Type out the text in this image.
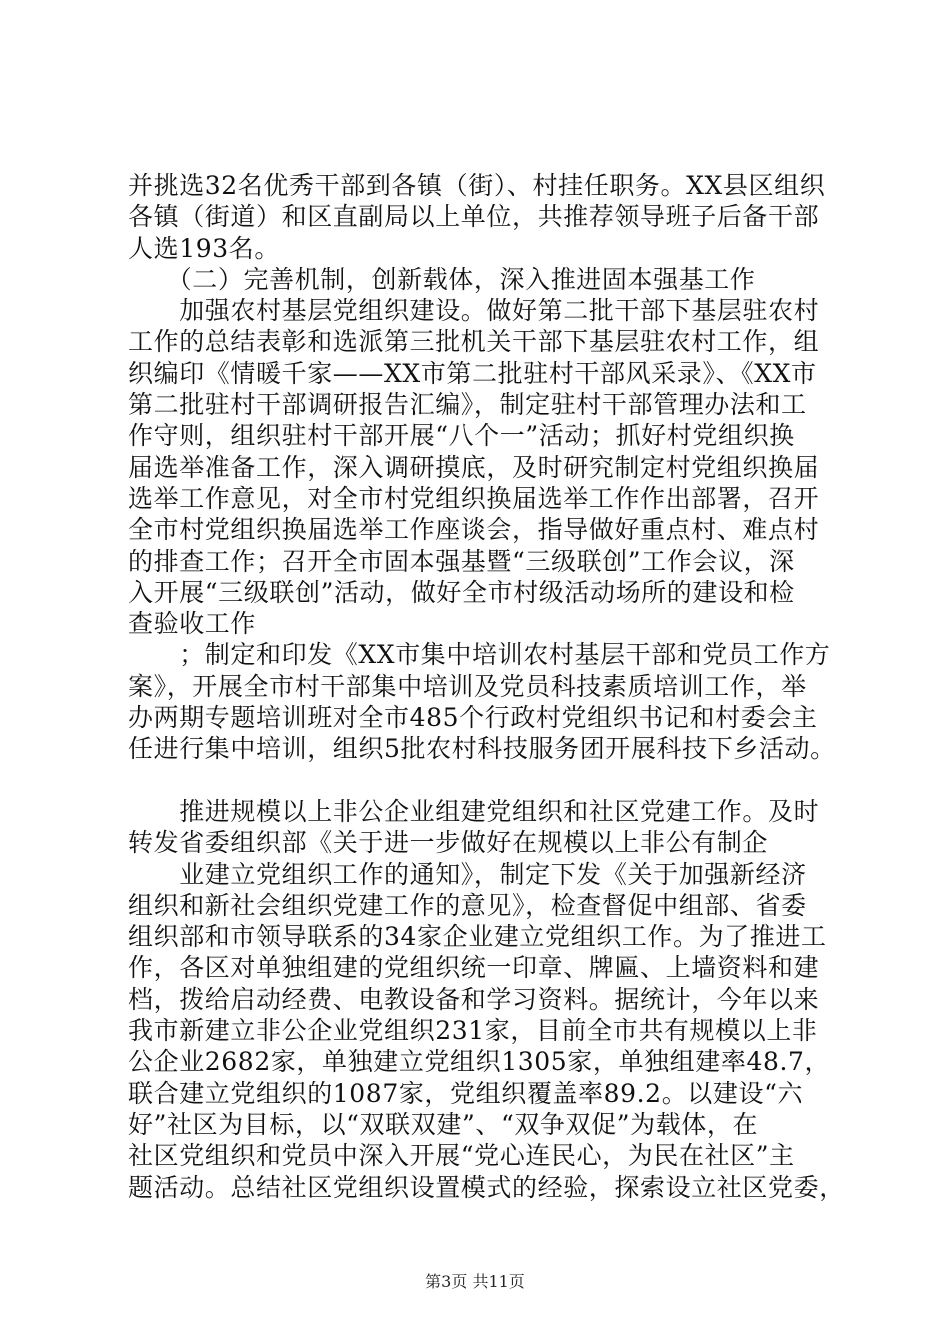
并挑选32名优秀干部到各镇（街）、村挂任职务。XX县区组织
各镇（街道）和区直副局以上单位，共推荐领导班子后备干部
人选193名。
　　（二）完善机制，创新载体，深入推进固本强基工作
　　加强农村基层党组织建设。做好第二批干部下基层驻农村
工作的总结表彰和选派第三批机关干部下基层驻农村工作，组
织编印《情暖千家——XX市第二批驻村干部风采录》、《XX市
第二批驻村干部调研报告汇编》，制定驻村干部管理办法和工
作守则，组织驻村干部开展“八个一”活动；抓好村党组织换
届选举准备工作，深入调研摸底，及时研究制定村党组织换届
选举工作意见，对全市村党组织换届选举工作作出部署，召开
全市村党组织换届选举工作座谈会，指导做好重点村、难点村
的排查工作；召开全市固本强基暨“三级联创”工作会议，深
入开展“三级联创”活动，做好全市村级活动场所的建设和检
查验收工作
　　；制定和印发《XX市集中培训农村基层干部和党员工作方
案》，开展全市村干部集中培训及党员科技素质培训工作，举
办两期专题培训班对全市485个行政村党组织书记和村委会主
任进行集中培训，组织5批农村科技服务团开展科技下乡活动。
　　推进规模以上非公企业组建党组织和社区党建工作。及时
转发省委组织部《关于进一步做好在规模以上非公有制企
　　业建立党组织工作的通知》，制定下发《关于加强新经济
组织和新社会组织党建工作的意见》，检查督促中组部、省委
组织部和市领导联系的34家企业建立党组织工作。为了推进工
作，各区对单独组建的党组织统一印章、牌匾、上墙资料和建
档，拨给启动经费、电教设备和学习资料。据统计，今年以来
我市新建立非公企业党组织231家，目前全市共有规模以上非
公企业2682家，单独建立党组织1305家，单独组建率48.7，
联合建立党组织的1087家，党组织覆盖率89.2。以建设“六
好”社区为目标，以“双联双建”、“双争双促”为载体，在
社区党组织和党员中深入开展“党心连民心，为民在社区”主
题活动。总结社区党组织设置模式的经验，探索设立社区党委，
第3页 共11页
